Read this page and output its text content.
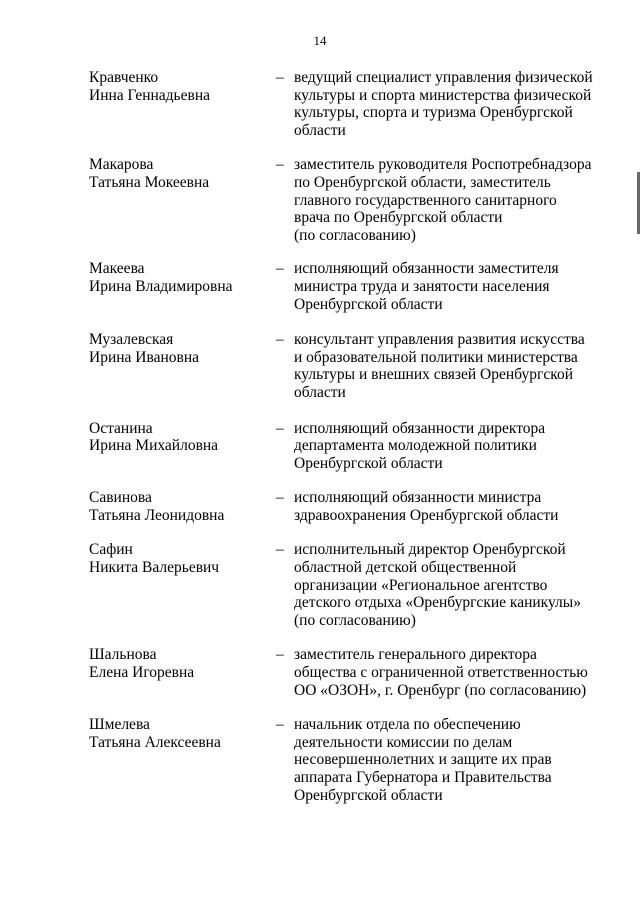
14
Кравченко
Инна Геннадьевна
– ведущий специалист управления физической
культуры и спорта министерства физической
культуры, спорта и туризма Оренбургской
области
Макарова
Татьяна Мокеевна
– заместитель руководителя Роспотребнадзора
по Оренбургской области, заместитель
главного государственного санитарного
врача по Оренбургской области
(по согласованию)
Макеева
Ирина Владимировна
– исполняющий обязанности заместителя
министра труда и занятости населения
Оренбургской области
Музалевская
Ирина Ивановна
– консультант управления развития искусства
и образовательной политики министерства
культуры и внешних связей Оренбургской
области
Останина
Ирина Михайловна
– исполняющий обязанности директора
департамента молодежной политики
Оренбургской области
Савинова
Татьяна Леонидовна
– исполняющий обязанности министра
здравоохранения Оренбургской области
Сафин
Никита Валерьевич
– исполнительный директор Оренбургской
областной детской общественной
организации «Региональное агентство
детского отдыха «Оренбургские каникулы»
(по согласованию)
Шальнова
Елена Игоревна
– заместитель генерального директора
общества с ограниченной ответственностью
ОО «ОЗОН», г. Оренбург (по согласованию)
Шмелева
Татьяна Алексеевна
– начальник отдела по обеспечению
деятельности комиссии по делам
несовершеннолетних и защите их прав
аппарата Губернатора и Правительства
Оренбургской области
